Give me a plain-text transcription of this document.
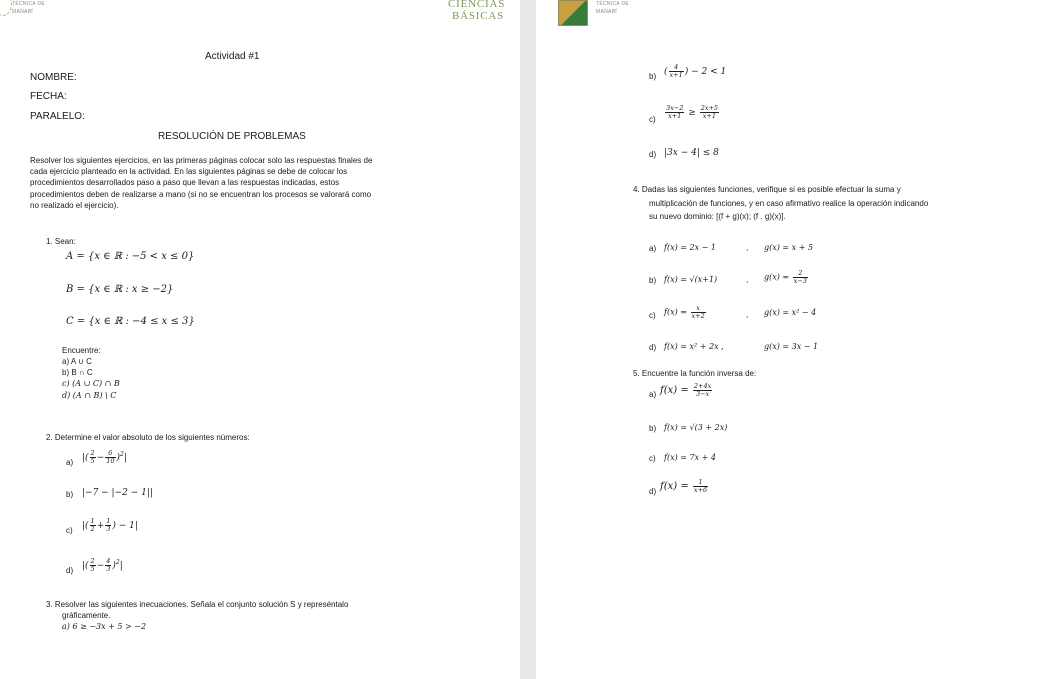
TÉCNICA DE
MANABÍ
CIENCIAS
BÁSICAS
Actividad #1
NOMBRE:
FECHA:
PARALELO:
RESOLUCIÓN DE PROBLEMAS
Resolver los siguientes ejercicios, en las primeras páginas colocar solo las respuestas finales de
cada ejercicio planteado en la actividad. En las siguientes páginas se debe de colocar los
procedimientos desarrollados paso a paso que llevan a las respuestas indicadas, estos
procedimientos deben de realizarse a mano (si no se encuentran los procesos se valorará como
no realizado el ejercicio).
1. Sean:
A = {x ∈ ℝ : −5 < x ≤ 0}
B = {x ∈ ℝ : x ≥ −2}
C = {x ∈ ℝ : −4 ≤ x ≤ 3}
Encuentre:
a) A ∪ C
b) B ∩ C
c) (A ∪ C) ∩ B
d) (A ∩ B) \ C
2. Determine el valor absoluto de los siguientes números:
a) |( $\frac{2}{5} - \frac{6}{10} )^2|$
b) |−7 − |−2 − 1||
c) |( $\frac{1}{2} + \frac{1}{3}$ ) − 1|
d) |( $\frac{2}{5} - \frac{4}{3} )^2|$
3. Resolver las siguientes inecuaciones. Señala el conjunto solución S y represéntalo
gráficamente.
a) 6 ≥ −3x + 5 > −2
TÉCNICA DE
MANABÍ
b) ( $\frac{4}{x+1}$ ) − 2 < 1
$c) \frac{3x-2}{x+1} \ge \frac{2x+5}{x+1}$
d) |3x − 4| ≤ 8
4. Dadas las siguientes funciones, verifique si es posible efectuar la suma y
multiplicación de funciones, y en caso afirmativo realice la operación indicando
su nuevo dominio: [(f + g)(x); (f . g)(x)].
a) f(x) = 2x − 1	, g(x) = x + 5
b) f(x) = √(x+1)	, $g(x) = \frac{2}{x-3}$
c) $f(x) = \frac{x}{x+2}$	, g(x) = x² − 4
d) f(x) = x² + 2x ,	g(x) = 3x − 1
5. Encuentre la función inversa de:
a) $f(x) = \frac{2+4x}{3-x}$
b) f(x) = √(3 + 2x)
c) f(x) = 7x + 4
d) $f(x) = \frac{1}{x+6}$
